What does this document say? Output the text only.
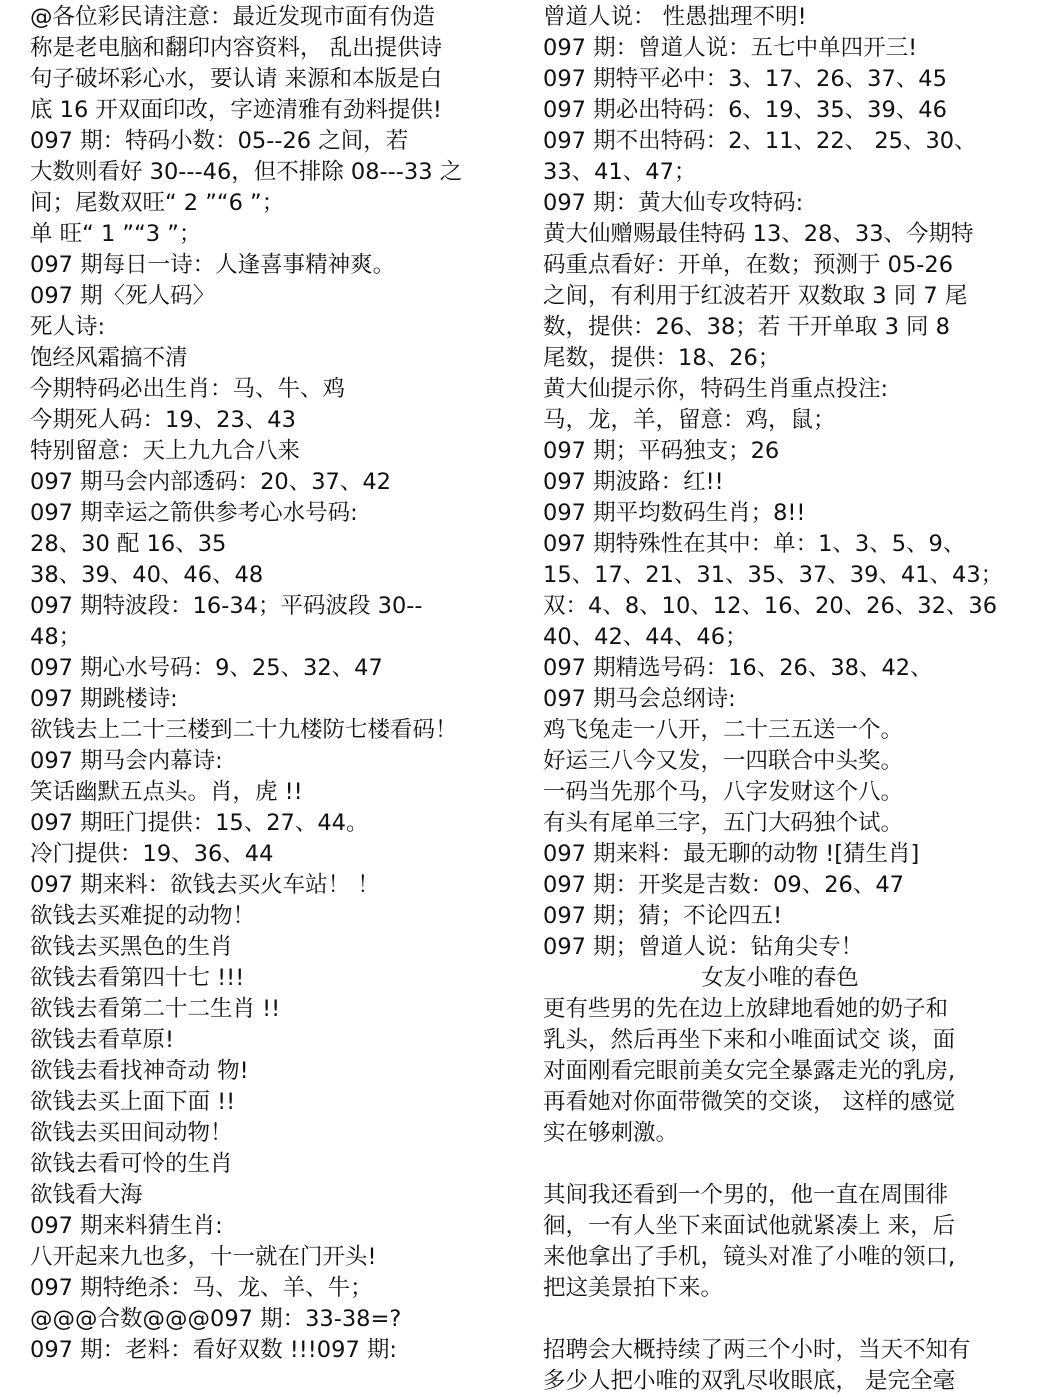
@各位彩民请注意：最近发现市面有伪造
称是老电脑和翻印内容资料， 乱出提供诗
句子破坏彩心水，要认请 来源和本版是白
底 16 开双面印改，字迹清雅有劲料提供!
097 期：特码小数：05--26 之间，若
大数则看好 30---46，但不排除 08---33 之
间；尾数双旺“ 2 ”“6 ”；
单 旺“ 1 ”“3 ”；
097 期每日一诗：人逢喜事精神爽。
097 期〈死人码〉
死人诗:
饱经风霜搞不清
今期特码必出生肖：马、牛、鸡
今期死人码：19、23、43
特别留意：天上九九合八来
097 期马会内部透码：20、37、42
097 期幸运之箭供参考心水号码:
28、30 配 16、35
38、39、40、46、48
097 期特波段：16-34；平码波段 30--
48；
097 期心水号码：9、25、32、47
097 期跳楼诗:
欲钱去上二十三楼到二十九楼防七楼看码！
097 期马会内幕诗:
笑话幽默五点头。肖，虎 !!
097 期旺门提供：15、27、44。
冷门提供：19、36、44
097 期来料：欲钱去买火车站！ ！
欲钱去买难捉的动物！
欲钱去买黑色的生肖
欲钱去看第四十七 !!!
欲钱去看第二十二生肖 !!
欲钱去看草原!
欲钱去看找神奇动 物!
欲钱去买上面下面 !!
欲钱去买田间动物！
欲钱去看可怜的生肖
欲钱看大海
097 期来料猜生肖:
八开起来九也多，十一就在门开头!
097 期特绝杀：马、龙、羊、牛；
@@@合数@@@097 期：33-38=?
097 期：老料：看好双数 !!!097 期:
曾道人说： 性愚拙理不明!
097 期：曾道人说：五七中单四开三!
097 期特平必中：3、17、26、37、45
097 期必出特码：6、19、35、39、46
097 期不出特码：2、11、22、 25、30、
33、41、47；
097 期：黄大仙专攻特码:
黄大仙赠赐最佳特码 13、28、33、今期特
码重点看好：开单，在数；预测于 05-26
之间，有利用于红波若开 双数取 3 同 7 尾
数，提供：26、38；若 干开单取 3 同 8
尾数，提供：18、26；
黄大仙提示你，特码生肖重点投注:
马，龙，羊，留意：鸡，鼠；
097 期；平码独支；26
097 期波路：红!!
097 期平均数码生肖；8!!
097 期特殊性在其中：单：1、3、5、9、
15、17、21、31、35、37、39、41、43；
双：4、8、10、12、16、20、26、32、36
40、42、44、46；
097 期精选号码：16、26、38、42、
097 期马会总纲诗:
鸡飞兔走一八开，二十三五送一个。
好运三八今又发，一四联合中头奖。
一码当先那个马，八字发财这个八。
有头有尾单三字，五门大码独个试。
097 期来料：最无聊的动物 ![猜生肖]
097 期：开奖是吉数：09、26、47
097 期；猜；不论四五!
097 期；曾道人说：钻角尖专！
女友小唯的春色
更有些男的先在边上放肆地看她的奶子和
乳头，然后再坐下来和小唯面试交 谈，面
对面刚看完眼前美女完全暴露走光的乳房,
再看她对你面带微笑的交谈， 这样的感觉
实在够刺激。
其间我还看到一个男的，他一直在周围徘
徊，一有人坐下来面试他就紧凑上 来，后
来他拿出了手机，镜头对准了小唯的领口,
把这美景拍下来。
招聘会大概持续了两三个小时，当天不知有
多少人把小唯的双乳尽收眼底， 是完全毫
